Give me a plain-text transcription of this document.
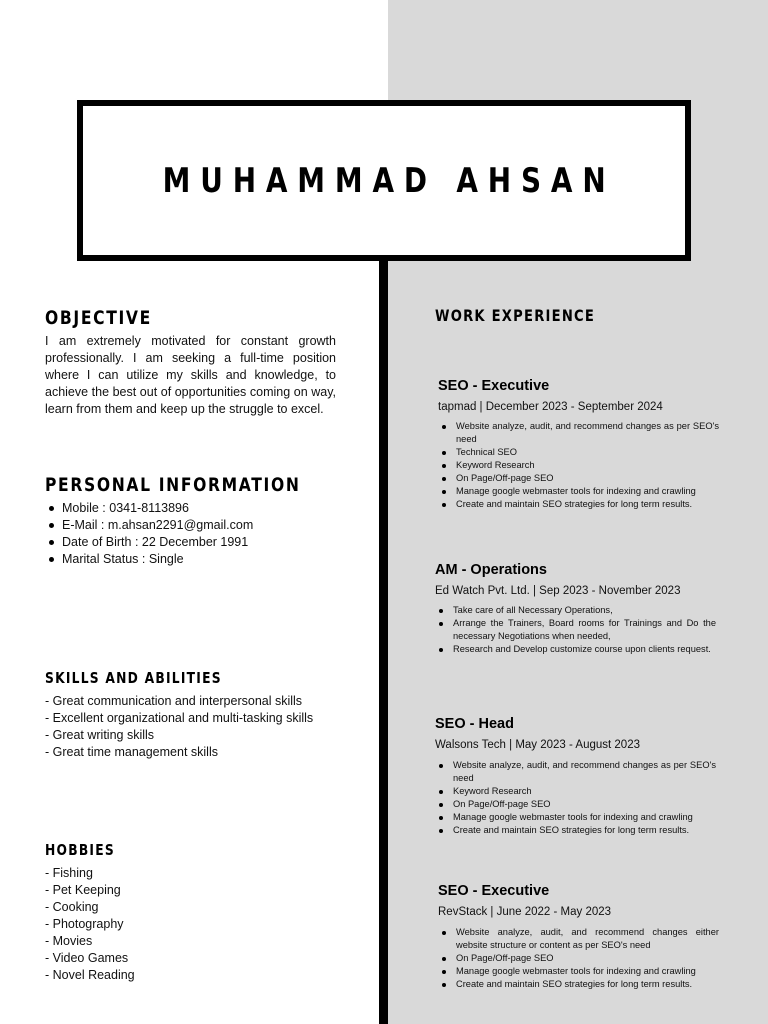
MUHAMMAD AHSAN
OBJECTIVE
I am extremely motivated for constant growth professionally. I am seeking a full-time position where I can utilize my skills and knowledge, to achieve the best out of opportunities coming on way, learn from them and keep up the struggle to excel.
PERSONAL INFORMATION
Mobile : 0341-8113896
E-Mail : m.ahsan2291@gmail.com
Date of Birth : 22 December 1991
Marital Status : Single
SKILLS AND ABILITIES
- Great communication and interpersonal skills
- Excellent organizational and multi-tasking skills
- Great writing skills
- Great time management skills
HOBBIES
- Fishing
- Pet Keeping
- Cooking
- Photography
- Movies
- Video Games
- Novel Reading
WORK EXPERIENCE
SEO - Executive
tapmad | December 2023 - September 2024
Website analyze, audit, and recommend changes as per SEO's need
Technical SEO
Keyword Research
On Page/Off-page SEO
Manage google webmaster tools for indexing and crawling
Create and maintain SEO strategies for long term results.
AM - Operations
Ed Watch Pvt. Ltd. | Sep 2023 - November 2023
Take care of all Necessary Operations,
Arrange the Trainers, Board rooms for Trainings and Do the necessary Negotiations when needed,
Research and Develop customize course upon clients request.
SEO - Head
Walsons Tech | May 2023 - August 2023
Website analyze, audit, and recommend changes as per SEO's need
Keyword Research
On Page/Off-page SEO
Manage google webmaster tools for indexing and crawling
Create and maintain SEO strategies for long term results.
SEO - Executive
RevStack | June 2022 - May 2023
Website analyze, audit, and recommend changes either website structure or content as per SEO's need
On Page/Off-page SEO
Manage google webmaster tools for indexing and crawling
Create and maintain SEO strategies for long term results.
